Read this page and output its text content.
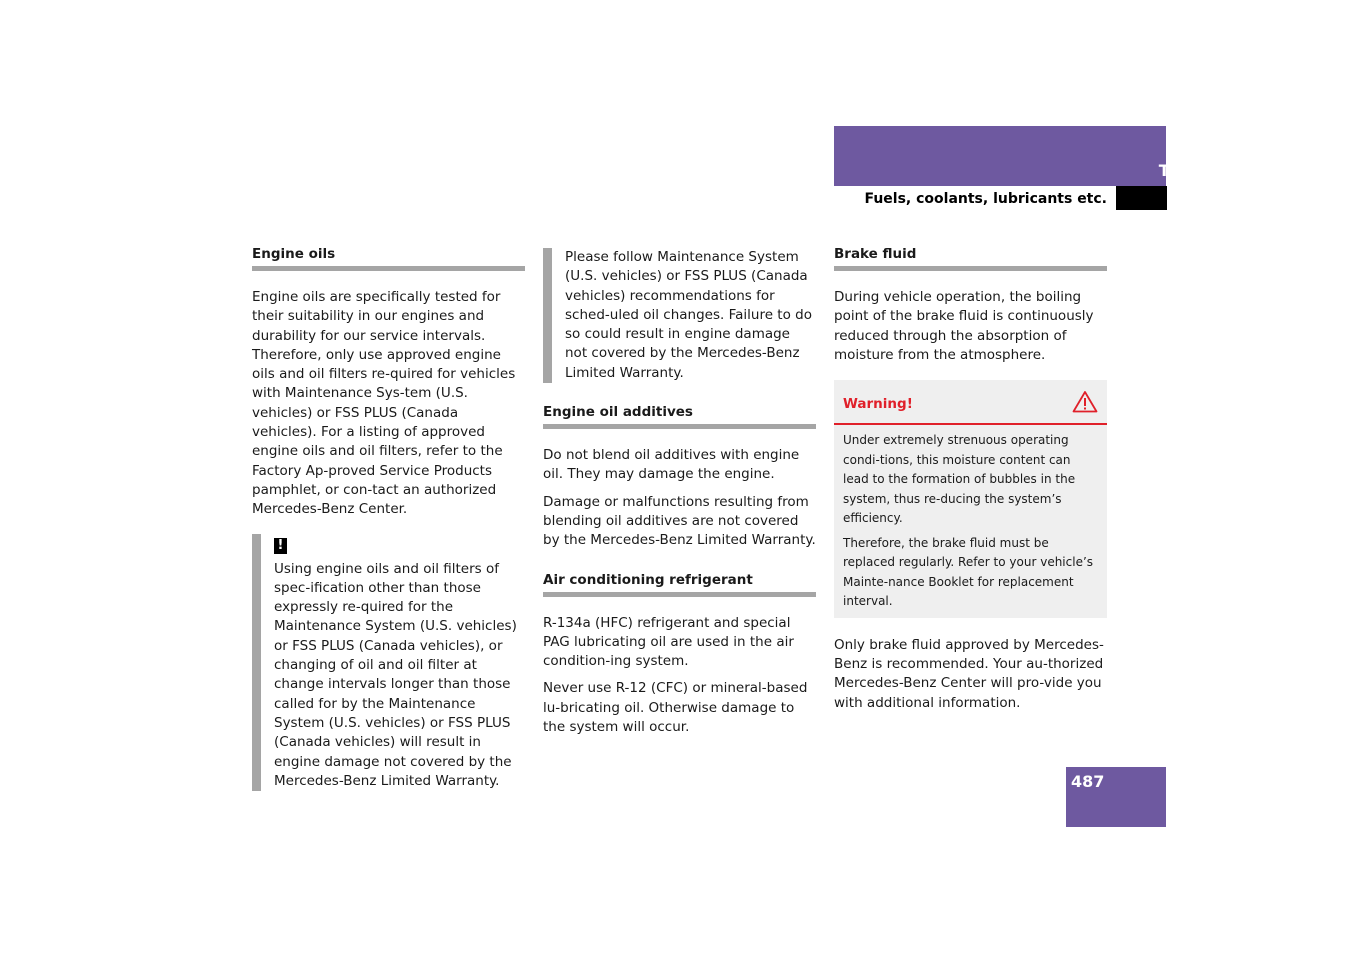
Technical data
Fuels, coolants, lubricants etc.
Engine oils

Engine oils are specifically tested for their suitability in our engines and durability for our service intervals. Therefore, only use approved engine oils and oil filters re-quired for vehicles with Maintenance Sys-tem (U.S. vehicles) or FSS PLUS (Canada vehicles). For a listing of approved engine oils and oil filters, refer to the Factory Ap-proved Service Products pamphlet, or con-tact an authorized Mercedes-Benz Center.

!

Using engine oils and oil filters of spec-ification other than those expressly re-quired for the Maintenance System (U.S. vehicles) or FSS PLUS (Canada vehicles), or changing of oil and oil filter at change intervals longer than those called for by the Maintenance System (U.S. vehicles) or FSS PLUS (Canada vehicles) will result in engine damage not covered by the Mercedes-Benz Limited Warranty.

Please follow Maintenance System (U.S. vehicles) or FSS PLUS (Canada vehicles) recommendations for sched-uled oil changes. Failure to do so could result in engine damage not covered by the Mercedes-Benz Limited Warranty.

Engine oil additives

Do not blend oil additives with engine oil. They may damage the engine.

Damage or malfunctions resulting from blending oil additives are not covered by the Mercedes-Benz Limited Warranty.

Air conditioning refrigerant

R-134a (HFC) refrigerant and special PAG lubricating oil are used in the air condition-ing system.

Never use R-12 (CFC) or mineral-based lu-bricating oil. Otherwise damage to the system will occur.

Brake fluid

During vehicle operation, the boiling point of the brake fluid is continuously reduced through the absorption of moisture from the atmosphere.

Warning!

Under extremely strenuous operating condi-tions, this moisture content can lead to the formation of bubbles in the system, thus re-ducing the system’s efficiency.

Therefore, the brake fluid must be replaced regularly. Refer to your vehicle’s Mainte-nance Booklet for replacement interval.

Only brake fluid approved by Mercedes-Benz is recommended. Your au-thorized Mercedes-Benz Center will pro-vide you with additional information.

487
